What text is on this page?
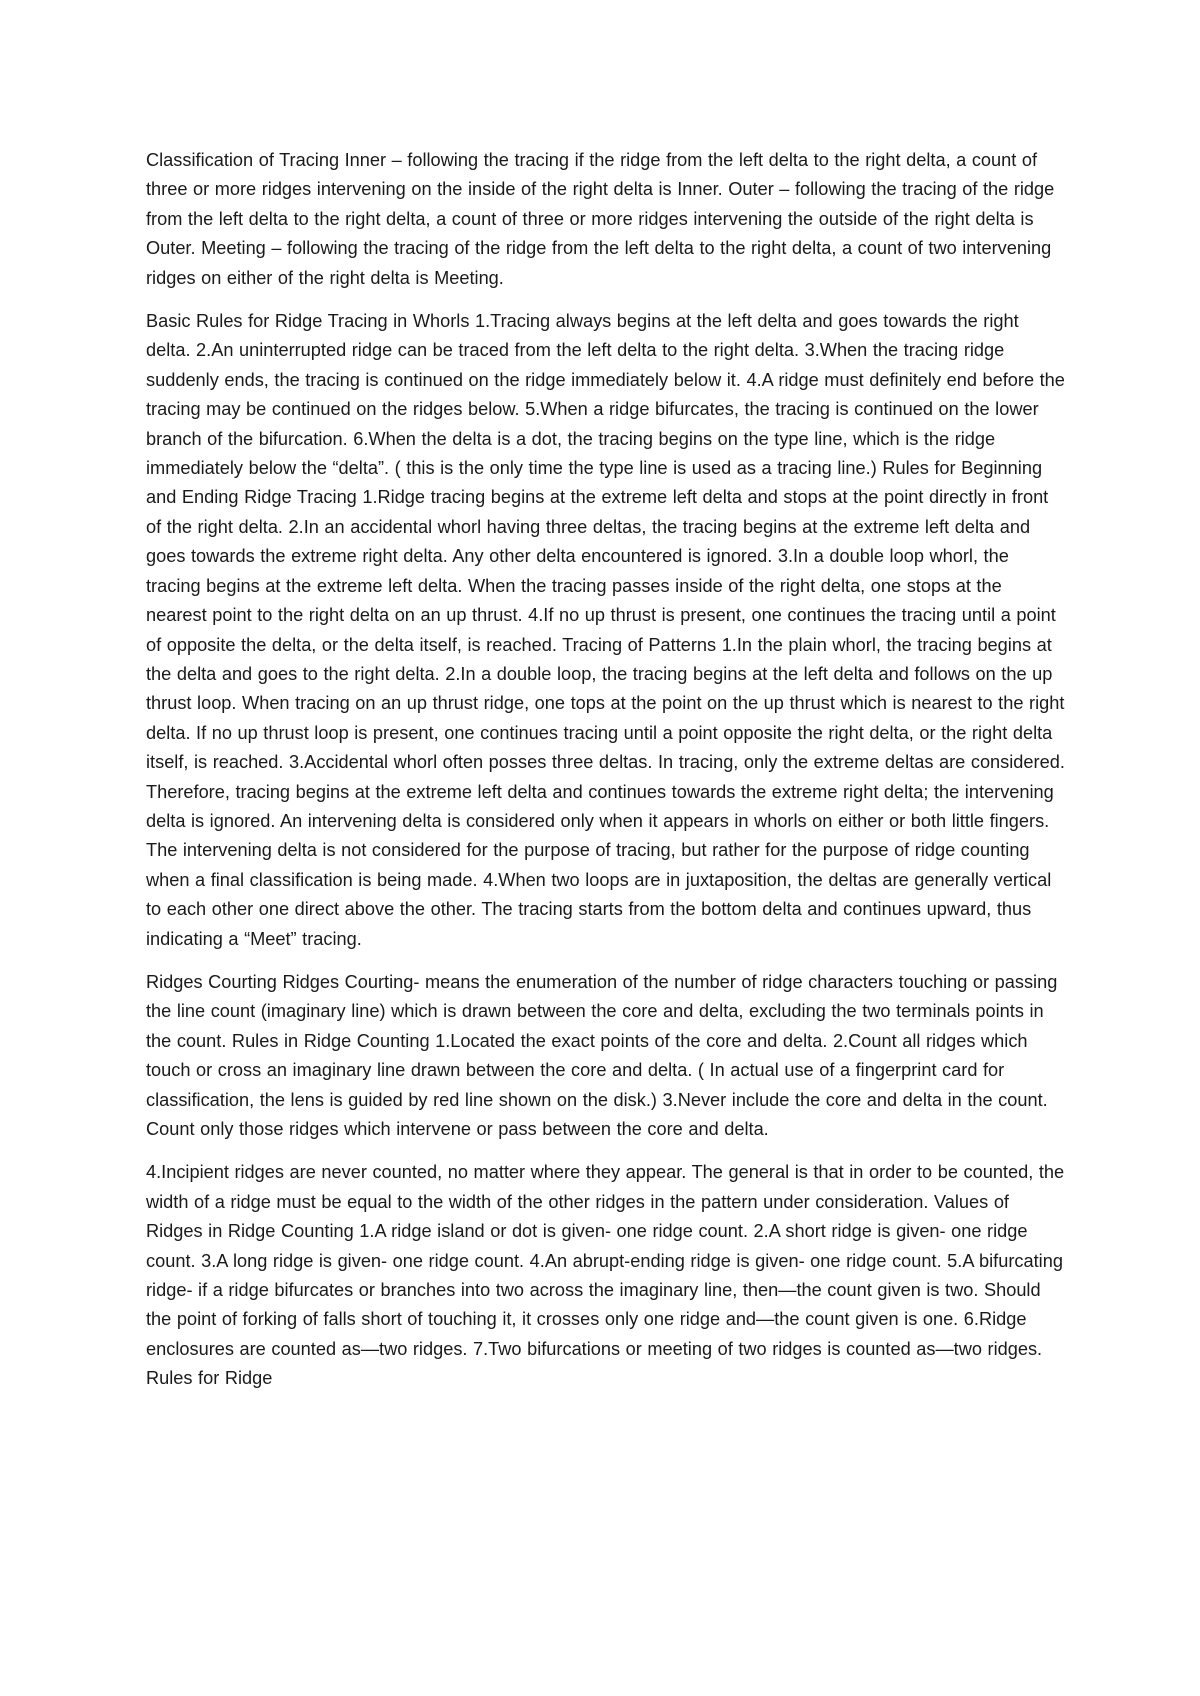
Classification of Tracing Inner – following the tracing if the ridge from the left delta to the right delta, a count of three or more ridges intervening on the inside of the right delta is Inner. Outer – following the tracing of the ridge from the left delta to the right delta, a count of three or more ridges intervening the outside of the right delta is Outer. Meeting – following the tracing of the ridge from the left delta to the right delta, a count of two intervening ridges on either of the right delta is Meeting.

Basic Rules for Ridge Tracing in Whorls 1.Tracing always begins at the left delta and goes towards the right delta. 2.An uninterrupted ridge can be traced from the left delta to the right delta. 3.When the tracing ridge suddenly ends, the tracing is continued on the ridge immediately below it. 4.A ridge must definitely end before the tracing may be continued on the ridges below. 5.When a ridge bifurcates, the tracing is continued on the lower branch of the bifurcation. 6.When the delta is a dot, the tracing begins on the type line, which is the ridge immediately below the “delta”. ( this is the only time the type line is used as a tracing line.) Rules for Beginning and Ending Ridge Tracing 1.Ridge tracing begins at the extreme left delta and stops at the point directly in front of the right delta. 2.In an accidental whorl having three deltas, the tracing begins at the extreme left delta and goes towards the extreme right delta. Any other delta encountered is ignored. 3.In a double loop whorl, the tracing begins at the extreme left delta. When the tracing passes inside of the right delta, one stops at the nearest point to the right delta on an up thrust. 4.If no up thrust is present, one continues the tracing until a point of opposite the delta, or the delta itself, is reached. Tracing of Patterns 1.In the plain whorl, the tracing begins at the delta and goes to the right delta. 2.In a double loop, the tracing begins at the left delta and follows on the up thrust loop. When tracing on an up thrust ridge, one tops at the point on the up thrust which is nearest to the right delta. If no up thrust loop is present, one continues tracing until a point opposite the right delta, or the right delta itself, is reached. 3.Accidental whorl often posses three deltas. In tracing, only the extreme deltas are considered. Therefore, tracing begins at the extreme left delta and continues towards the extreme right delta; the intervening delta is ignored. An intervening delta is considered only when it appears in whorls on either or both little fingers. The intervening delta is not considered for the purpose of tracing, but rather for the purpose of ridge counting when a final classification is being made. 4.When two loops are in juxtaposition, the deltas are generally vertical to each other one direct above the other. The tracing starts from the bottom delta and continues upward, thus indicating a “Meet” tracing.

Ridges Courting Ridges Courting- means the enumeration of the number of ridge characters touching or passing the line count (imaginary line) which is drawn between the core and delta, excluding the two terminals points in the count. Rules in Ridge Counting 1.Located the exact points of the core and delta. 2.Count all ridges which touch or cross an imaginary line drawn between the core and delta. ( In actual use of a fingerprint card for classification, the lens is guided by red line shown on the disk.) 3.Never include the core and delta in the count. Count only those ridges which intervene or pass between the core and delta.

4.Incipient ridges are never counted, no matter where they appear. The general is that in order to be counted, the width of a ridge must be equal to the width of the other ridges in the pattern under consideration. Values of Ridges in Ridge Counting 1.A ridge island or dot is given- one ridge count. 2.A short ridge is given- one ridge count. 3.A long ridge is given- one ridge count. 4.An abrupt-ending ridge is given- one ridge count. 5.A bifurcating ridge- if a ridge bifurcates or branches into two across the imaginary line, then—the count given is two. Should the point of forking of falls short of touching it, it crosses only one ridge and—the count given is one. 6.Ridge enclosures are counted as—two ridges. 7.Two bifurcations or meeting of two ridges is counted as—two ridges. Rules for Ridge
